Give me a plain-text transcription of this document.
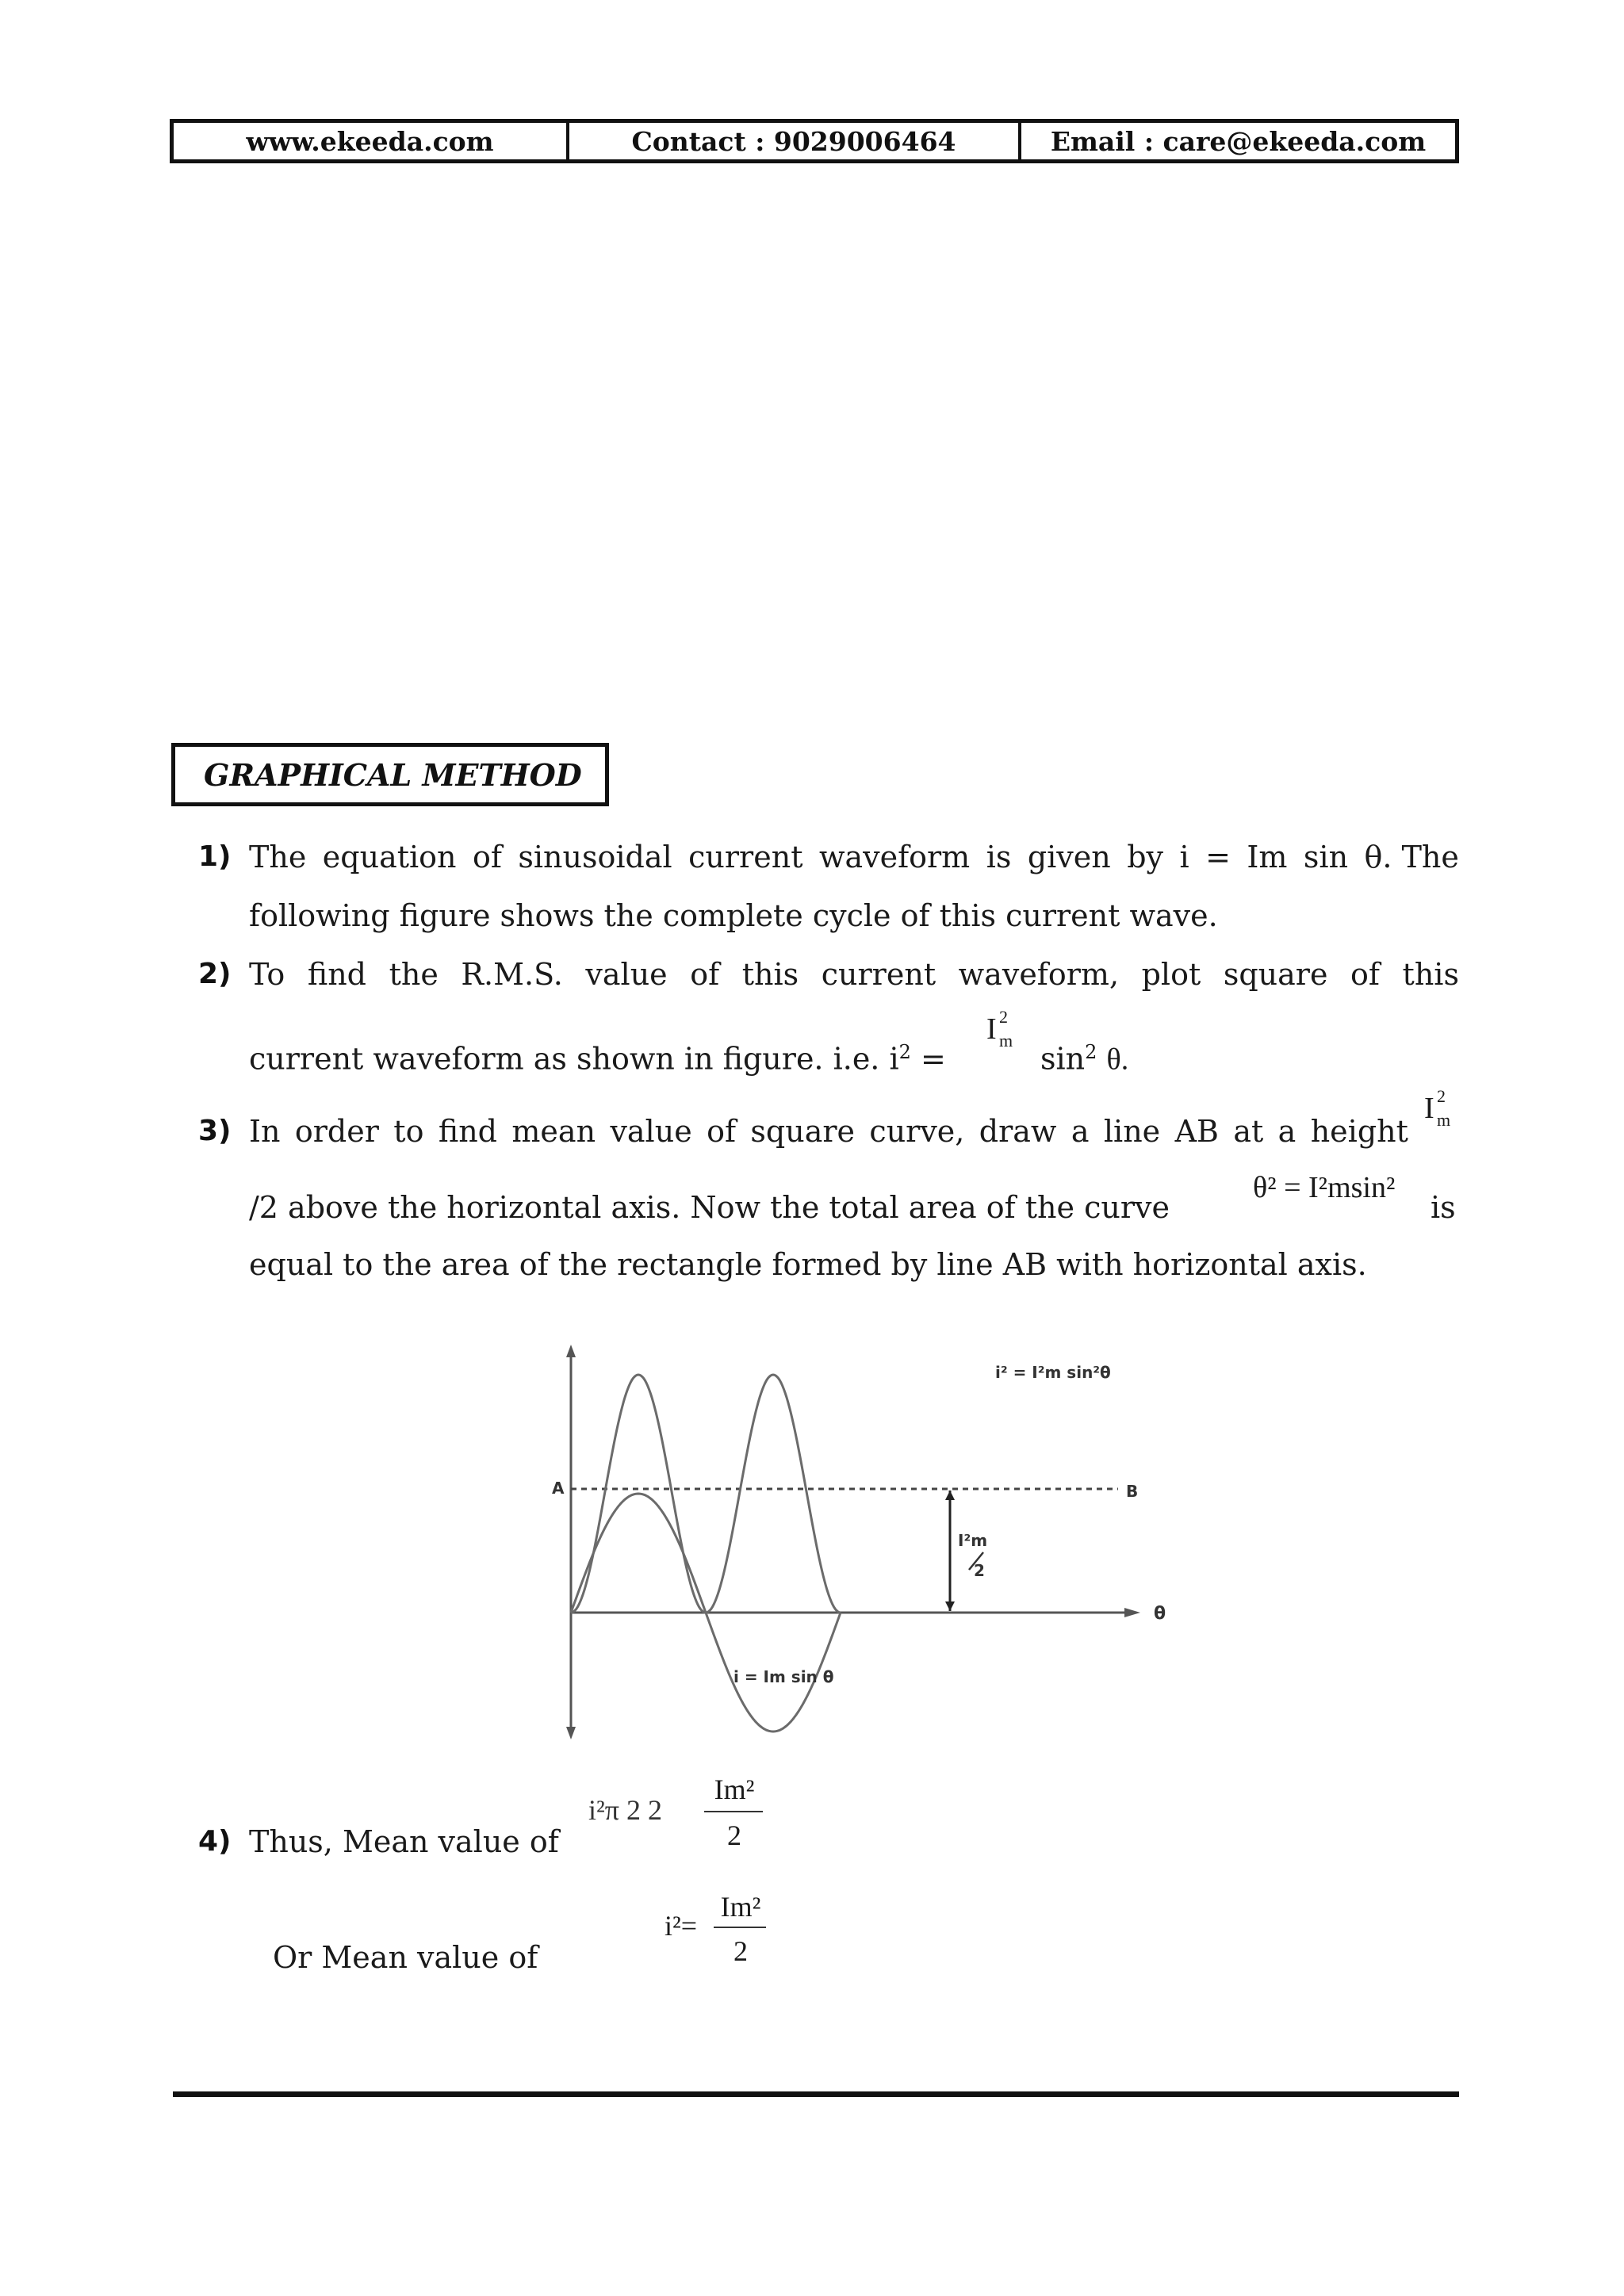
www.ekeeda.com	Contact : 9029006464	Email : care@ekeeda.com
GRAPHICAL METHOD
1) The equation of sinusoidal current waveform is given by i = Im sin θ. The
following figure shows the complete cycle of this current wave.
2) To find the R.M.S. value of this current waveform, plot square of this
current waveform as shown in figure. i.e. $i^2$ =
I 2
m
$\sin^2 \theta$.
3) In order to find mean value of square curve, draw a line AB at a height
I 2
m
/2 above the horizontal axis. Now the total area of the curve
θ² = I²msin²
is
equal to the area of the rectangle formed by line AB with horizontal axis.
A	B
θ
i² = I²m sin²θ
i = Im sin θ
I²m
2
i²π 2 2
Im²
2
4) Thus, Mean value of
i²=
Im²
2
Or Mean value of
